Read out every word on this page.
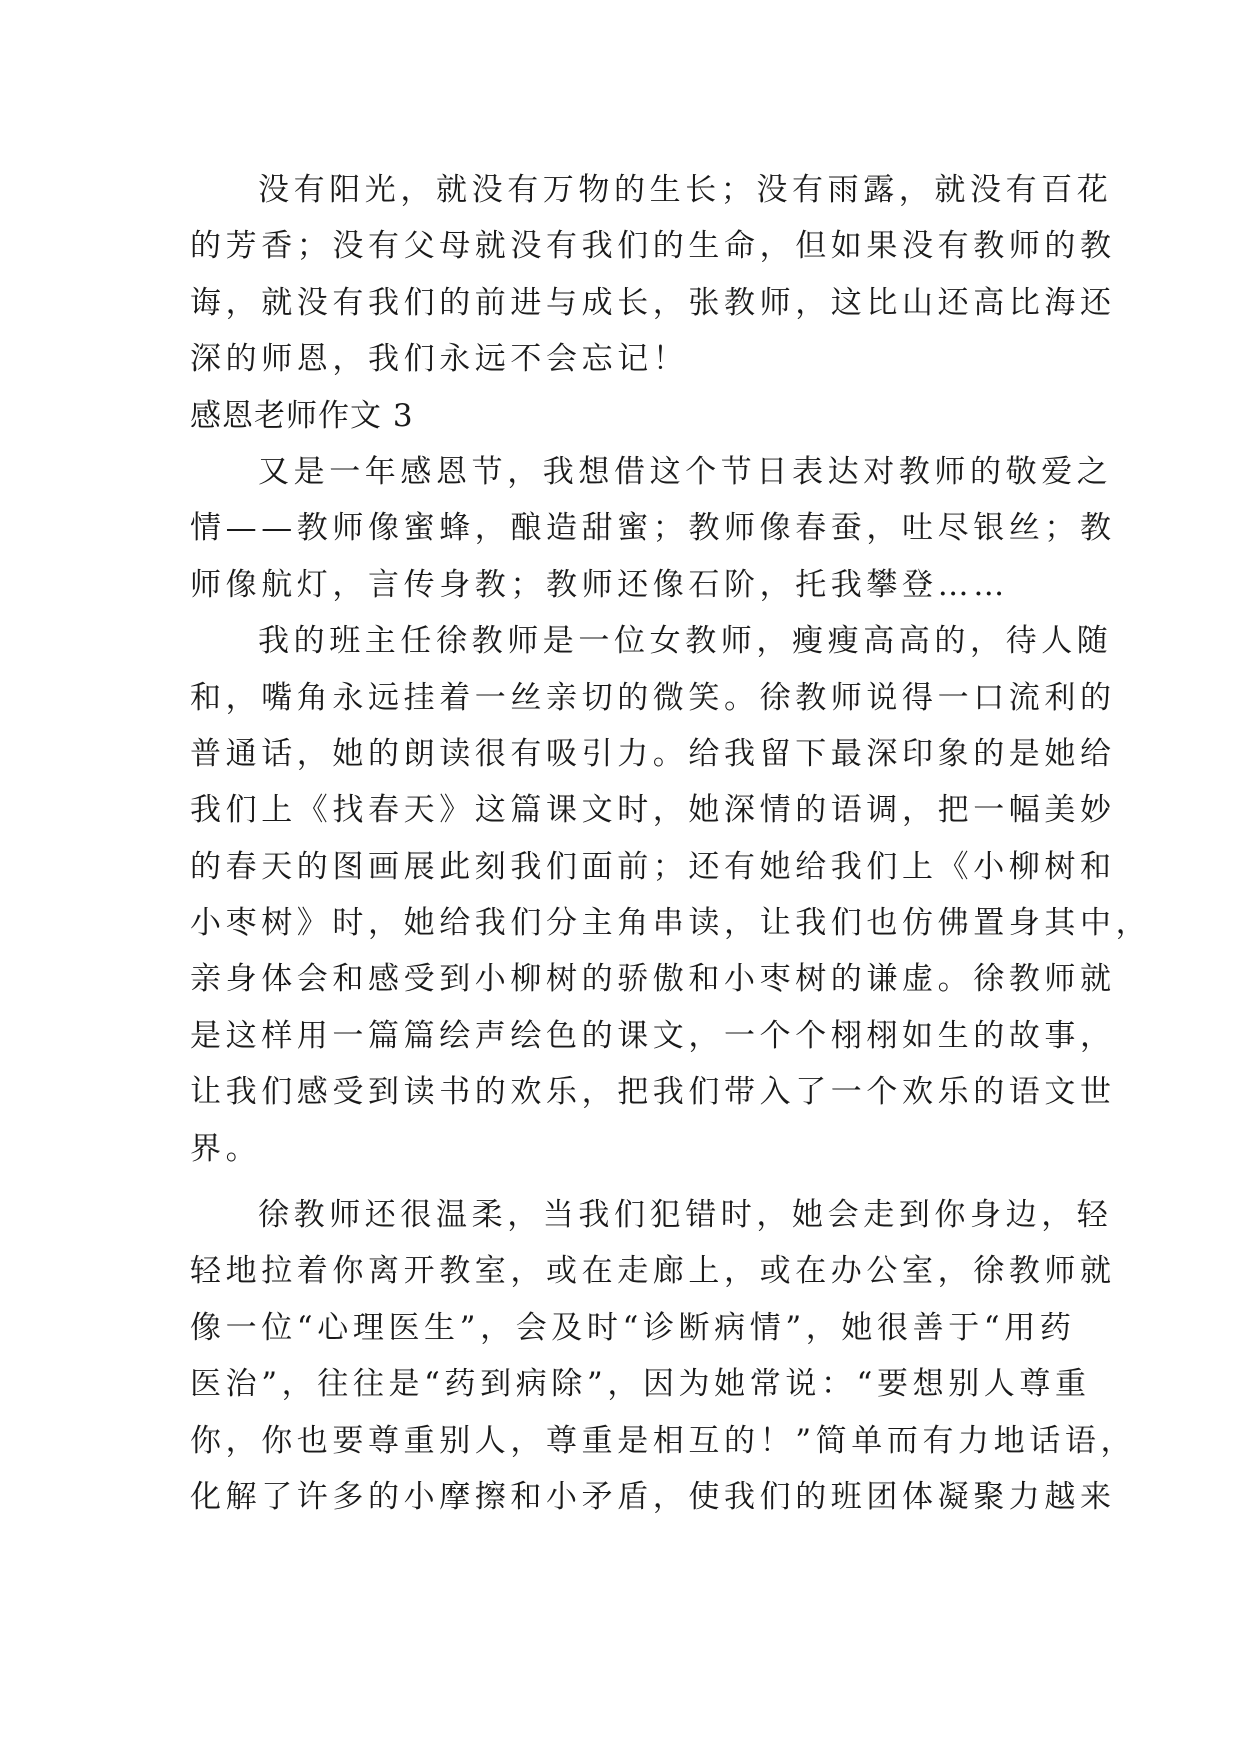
没有阳光，就没有万物的生长；没有雨露，就没有百花
的芳香；没有父母就没有我们的生命，但如果没有教师的教
诲，就没有我们的前进与成长，张教师，这比山还高比海还
深的师恩，我们永远不会忘记！
感恩老师作文 3
又是一年感恩节，我想借这个节日表达对教师的敬爱之
情——教师像蜜蜂，酿造甜蜜；教师像春蚕，吐尽银丝；教
师像航灯，言传身教；教师还像石阶，托我攀登……
我的班主任徐教师是一位女教师，瘦瘦高高的，待人随
和，嘴角永远挂着一丝亲切的微笑。徐教师说得一口流利的
普通话，她的朗读很有吸引力。给我留下最深印象的是她给
我们上《找春天》这篇课文时，她深情的语调，把一幅美妙
的春天的图画展此刻我们面前；还有她给我们上《小柳树和
小枣树》时，她给我们分主角串读，让我们也仿佛置身其中，
亲身体会和感受到小柳树的骄傲和小枣树的谦虚。徐教师就
是这样用一篇篇绘声绘色的课文，一个个栩栩如生的故事，
让我们感受到读书的欢乐，把我们带入了一个欢乐的语文世
界。
徐教师还很温柔，当我们犯错时，她会走到你身边，轻
轻地拉着你离开教室，或在走廊上，或在办公室，徐教师就
像一位“心理医生”，会及时“诊断病情”，她很善于“用药
医治”，往往是“药到病除”，因为她常说：“要想别人尊重
你，你也要尊重别人，尊重是相互的！”简单而有力地话语，
化解了许多的小摩擦和小矛盾，使我们的班团体凝聚力越来
